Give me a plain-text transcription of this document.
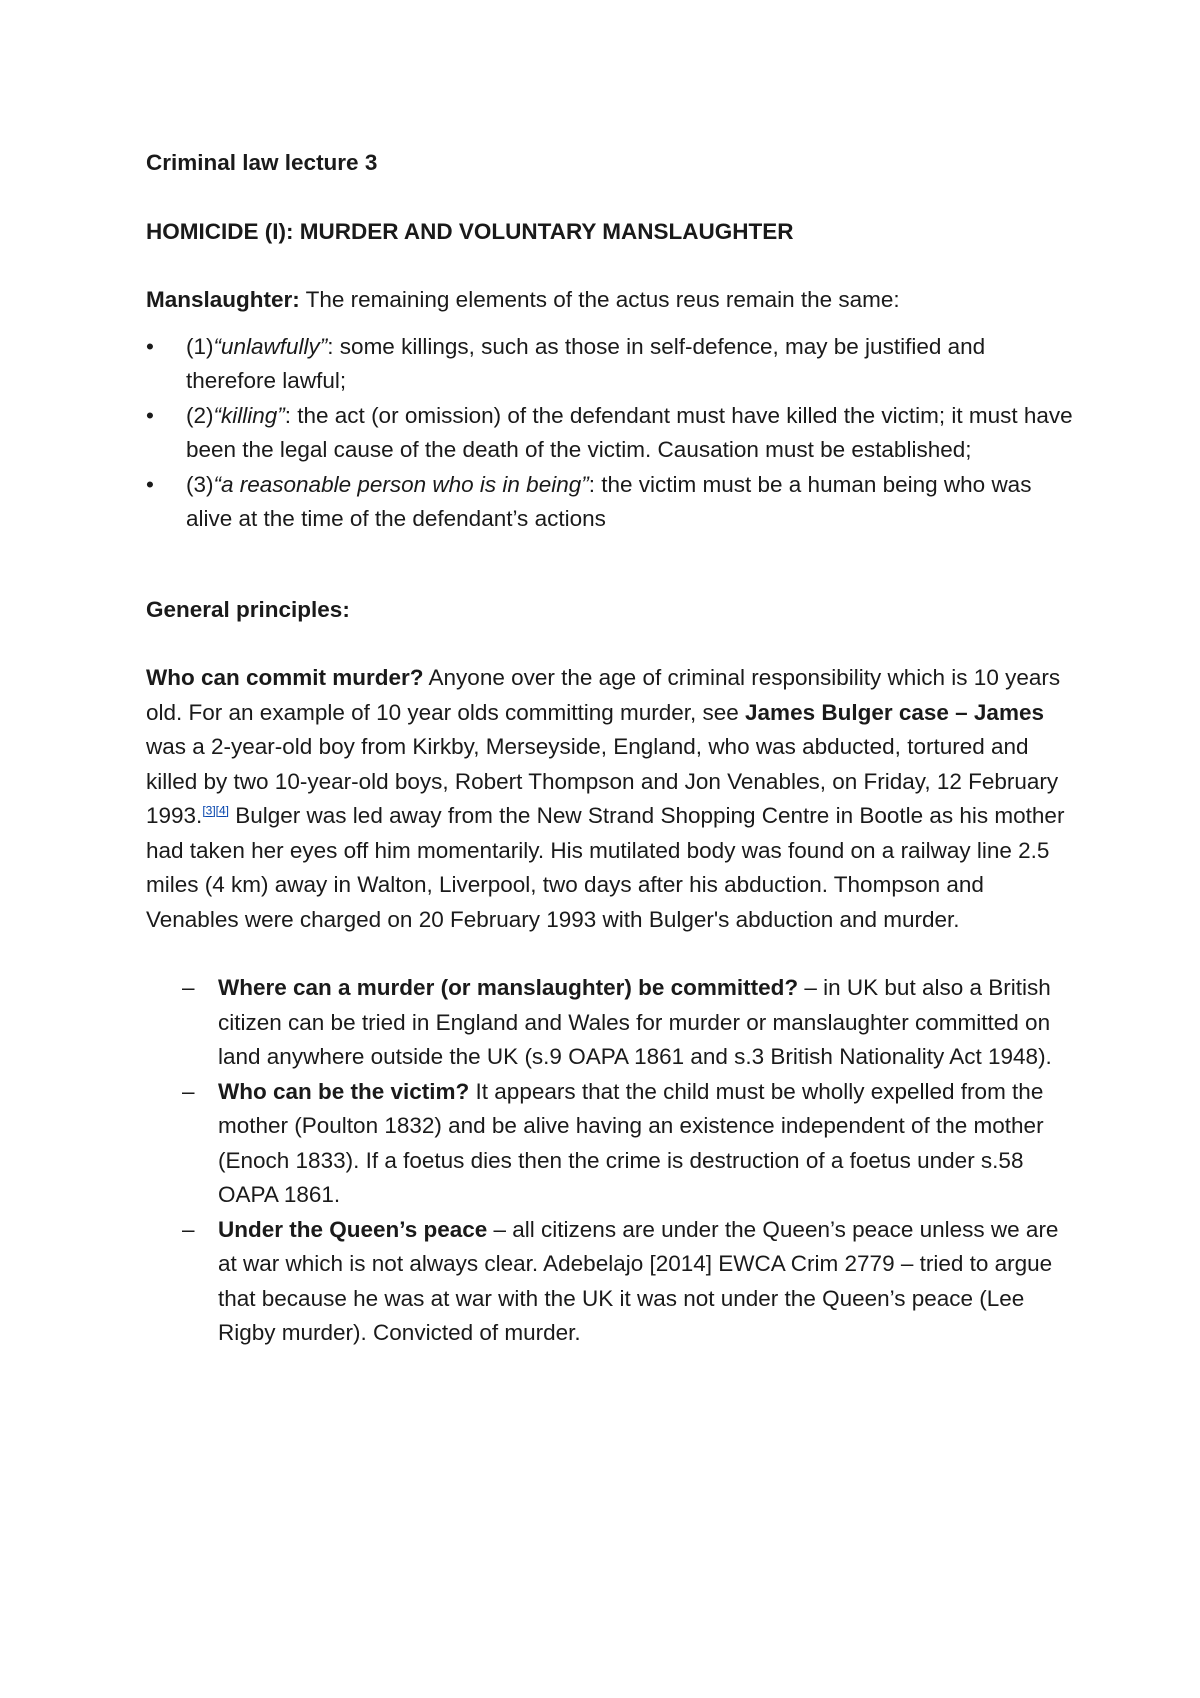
Criminal law lecture 3

HOMICIDE (I): MURDER AND VOLUNTARY MANSLAUGHTER

Manslaughter: The remaining elements of the actus reus remain the same:

•	(1)“unlawfully”: some killings, such as those in self-defence, may be justified and therefore lawful;
•	(2)“killing”: the act (or omission) of the defendant must have killed the victim; it must have been the legal cause of the death of the victim. Causation must be established;
•	(3)“a reasonable person who is in being”: the victim must be a human being who was alive at the time of the defendant’s actions

General principles:

Who can commit murder? Anyone over the age of criminal responsibility which is 10 years old. For an example of 10 year olds committing murder, see James Bulger case – James was a 2-year-old boy from Kirkby, Merseyside, England, who was abducted, tortured and killed by two 10-year-old boys, Robert Thompson and Jon Venables, on Friday, 12 February 1993.[3][4] Bulger was led away from the New Strand Shopping Centre in Bootle as his mother had taken her eyes off him momentarily. His mutilated body was found on a railway line 2.5 miles (4 km) away in Walton, Liverpool, two days after his abduction. Thompson and Venables were charged on 20 February 1993 with Bulger's abduction and murder.

– Where can a murder (or manslaughter) be committed? – in UK but also a British citizen can be tried in England and Wales for murder or manslaughter committed on land anywhere outside the UK (s.9 OAPA 1861 and s.3 British Nationality Act 1948).
– Who can be the victim? It appears that the child must be wholly expelled from the mother (Poulton 1832) and be alive having an existence independent of the mother (Enoch 1833). If a foetus dies then the crime is destruction of a foetus under s.58 OAPA 1861.
– Under the Queen’s peace – all citizens are under the Queen’s peace unless we are at war which is not always clear. Adebelajo [2014] EWCA Crim 2779 – tried to argue that because he was at war with the UK it was not under the Queen’s peace (Lee Rigby murder). Convicted of murder.
